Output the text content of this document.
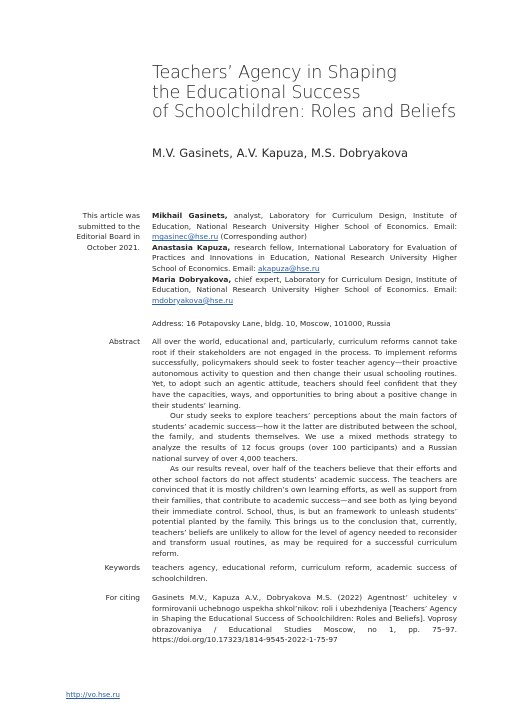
Teachers’ Agency in Shaping
the Educational Success
of Schoolchildren: Roles and Beliefs
M.V. Gasinets, A.V. Kapuza, M.S. Dobryakova
This article was submitted to the Editorial Board in October 2021.

Mikhail Gasinets, analyst, Laboratory for Curriculum Design, Institute of Education, National Research University Higher School of Economics. Email: mgasinec@hse.ru (Corresponding author)

Anastasia Kapuza, research fellow, International Laboratory for Evaluation of Practices and Innovations in Education, National Research University Higher School of Economics. Email: akapuza@hse.ru

Maria Dobryakova, chief expert, Laboratory for Curriculum Design, Institute of Education, National Research University Higher School of Economics. Email: mdobryakova@hse.ru

Address: 16 Potapovsky Lane, bldg. 10, Moscow, 101000, Russia

Abstract All over the world, educational and, particularly, curriculum reforms cannot take root if their stakeholders are not engaged in the process. To implement reforms successfully, policymakers should seek to foster teacher agency—their proactive autonomous activity to question and then change their usual schooling routines. Yet, to adopt such an agentic attitude, teachers should feel confident that they have the capacities, ways, and opportunities to bring about a positive change in their students’ learning.

Our study seeks to explore teachers’ perceptions about the main factors of students’ academic success—how it the latter are distributed between the school, the family, and students themselves. We use a mixed methods strategy to analyze the results of 12 focus groups (over 100 participants) and a Russian national survey of over 4,000 teachers.

As our results reveal, over half of the teachers believe that their efforts and other school factors do not affect students’ academic success. The teachers are convinced that it is mostly children’s own learning efforts, as well as support from their families, that contribute to academic success—and see both as lying beyond their immediate control. School, thus, is but an framework to unleash students’ potential planted by the family. This brings us to the conclusion that, currently, teachers’ beliefs are unlikely to allow for the level of agency needed to reconsider and transform usual routines, as may be required for a successful curriculum reform.

Keywords teachers agency, educational reform, curriculum reform, academic success of schoolchildren.
For citing Gasinets M.V., Kapuza A.V., Dobryakova M.S. (2022) Agentnost’ uchiteley v formirovanii uchebnogo uspekha shkol’nikov: roli i ubezhdeniya [Teachers’ Agency in Shaping the Educational Success of Schoolchildren: Roles and Beliefs]. Voprosy obrazovaniya / Educational Studies Moscow, no 1, pp. 75–97. https://doi.org/10.17323/1814-9545-2022-1-75-97
http://vo.hse.ru
